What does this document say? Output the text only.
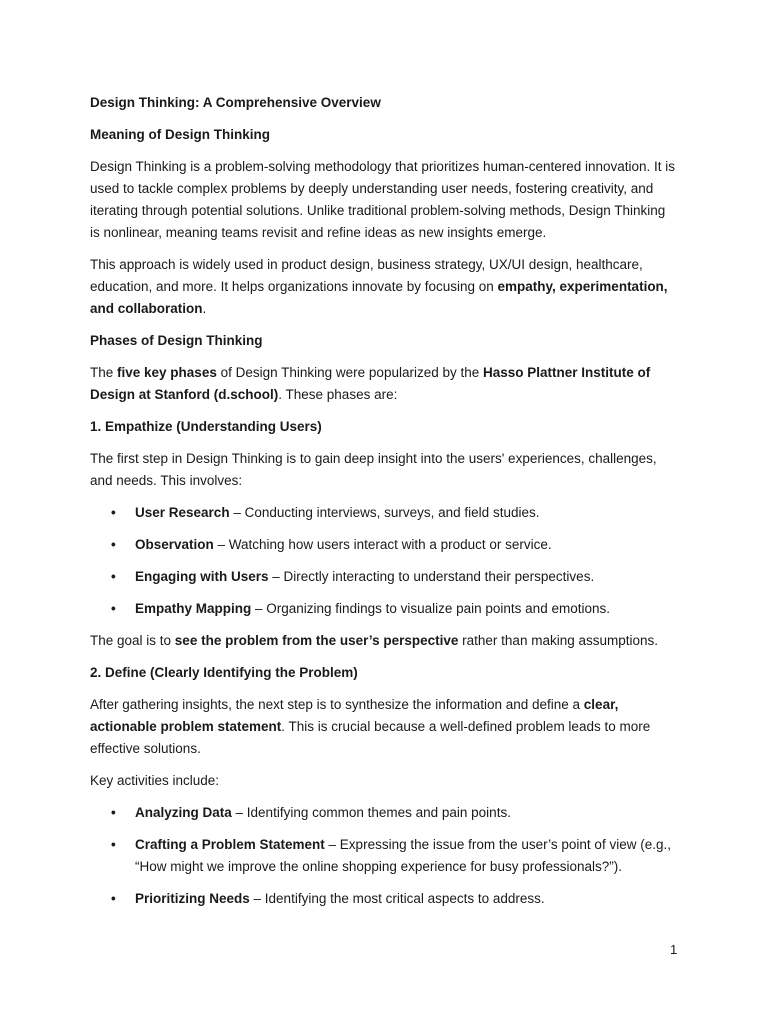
Design Thinking: A Comprehensive Overview

Meaning of Design Thinking

Design Thinking is a problem-solving methodology that prioritizes human-centered innovation. It is used to tackle complex problems by deeply understanding user needs, fostering creativity, and iterating through potential solutions. Unlike traditional problem-solving methods, Design Thinking is nonlinear, meaning teams revisit and refine ideas as new insights emerge.

This approach is widely used in product design, business strategy, UX/UI design, healthcare, education, and more. It helps organizations innovate by focusing on empathy, experimentation, and collaboration.

Phases of Design Thinking

The five key phases of Design Thinking were popularized by the Hasso Plattner Institute of Design at Stanford (d.school). These phases are:

1. Empathize (Understanding Users)

The first step in Design Thinking is to gain deep insight into the users' experiences, challenges, and needs. This involves:

• User Research – Conducting interviews, surveys, and field studies.
• Observation – Watching how users interact with a product or service.
• Engaging with Users – Directly interacting to understand their perspectives.
• Empathy Mapping – Organizing findings to visualize pain points and emotions.

The goal is to see the problem from the user’s perspective rather than making assumptions.

2. Define (Clearly Identifying the Problem)

After gathering insights, the next step is to synthesize the information and define a clear, actionable problem statement. This is crucial because a well-defined problem leads to more effective solutions.

Key activities include:

• Analyzing Data – Identifying common themes and pain points.
• Crafting a Problem Statement – Expressing the issue from the user’s point of view (e.g., “How might we improve the online shopping experience for busy professionals?”).
• Prioritizing Needs – Identifying the most critical aspects to address.
1
